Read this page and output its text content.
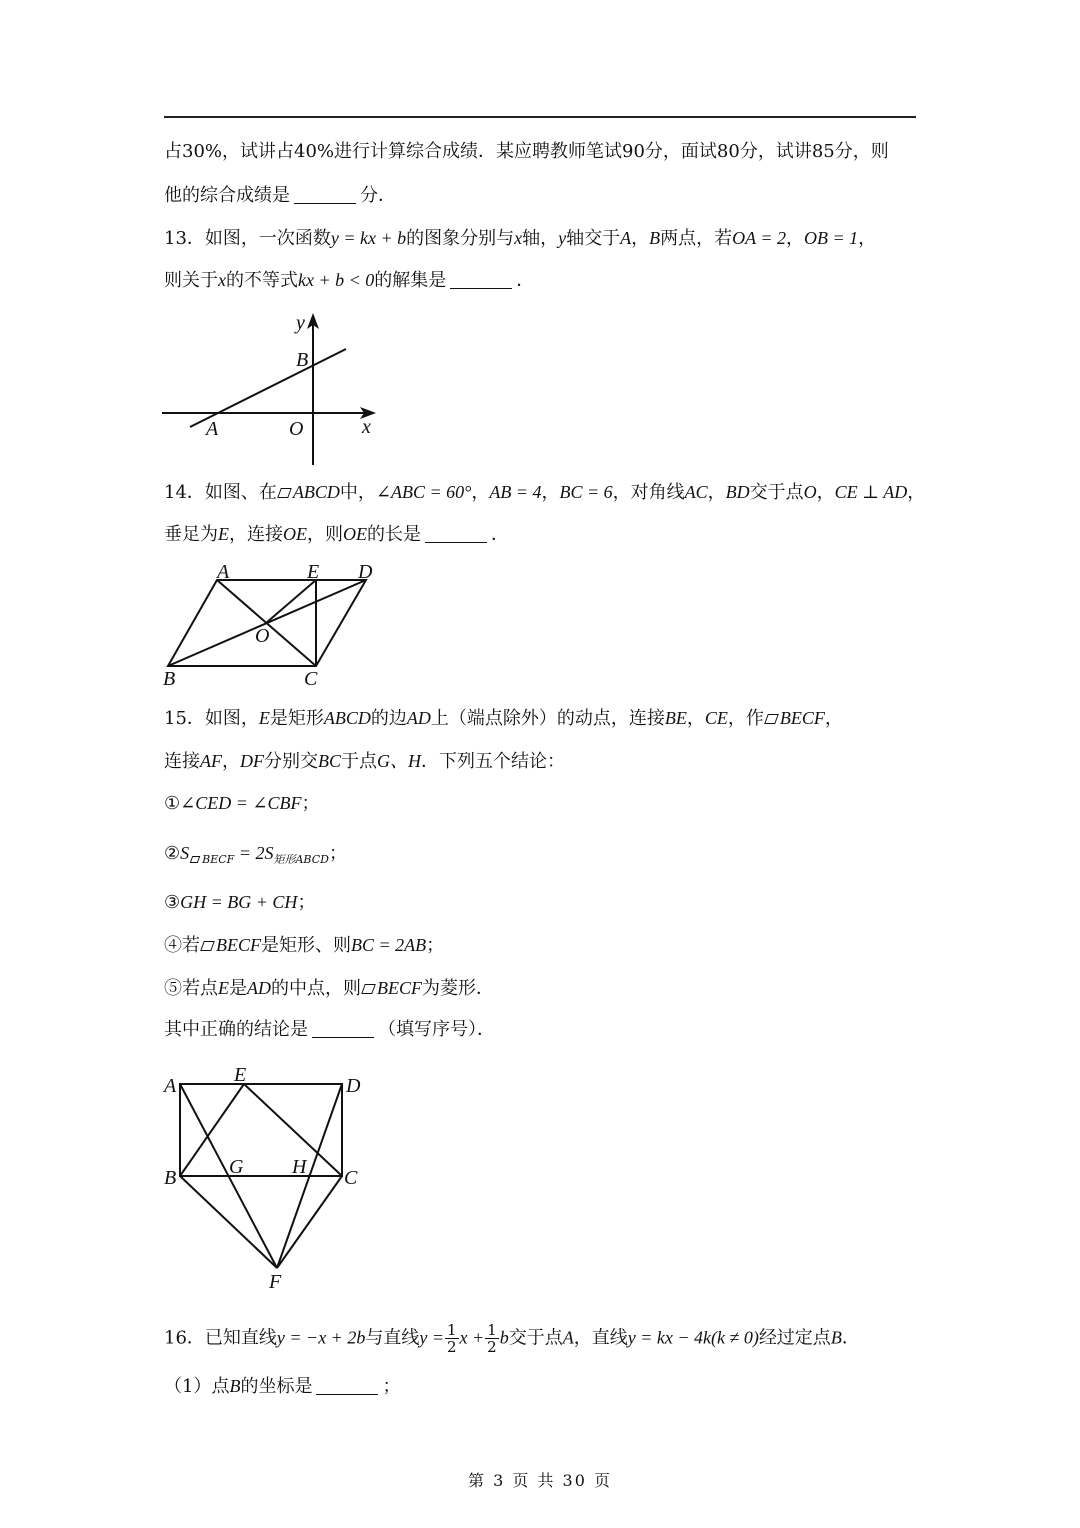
占30%，试讲占40%进行计算综合成绩．某应聘教师笔试90分，面试80分，试讲85分，则
他的综合成绩是	分．
13．如图，一次函数y = kx + b的图象分别与x轴，y轴交于A，B两点，若OA = 2，OB = 1，
则关于x的不等式kx + b < 0的解集是	．
y
B
A	O	x
14．如图、在 ABCD中，∠ABC = 60°，AB = 4，BC = 6，对角线AC，BD交于点O，CE ⊥ AD，
垂足为E，连接OE，则OE的长是	．
A	E D
O
B	C
15．如图，E是矩形ABCD的边AD上（端点除外）的动点，连接BE，CE，作 BECF，
连接AF，DF分别交BC于点G、H．下列五个结论：
①∠CED = ∠CBF；
②S $_{BECF} = 2S_{矩形ABCD}$；
③GH = BG + CH；
④若 BECF是矩形、则BC = 2AB；
⑤若点E是AD的中点，则 BECF为菱形．
其中正确的结论是	（填写序号）．
A	E	D
B	G H C
F
16．已知直线y = −x + 2b与直线$y = \frac{1}{2}$ $x + \frac{1}{2}$ b交于点A，直线y = kx − 4k(k ≠ 0)经过定点B．
（1）点B的坐标是	；
第 3 页 共 30 页
